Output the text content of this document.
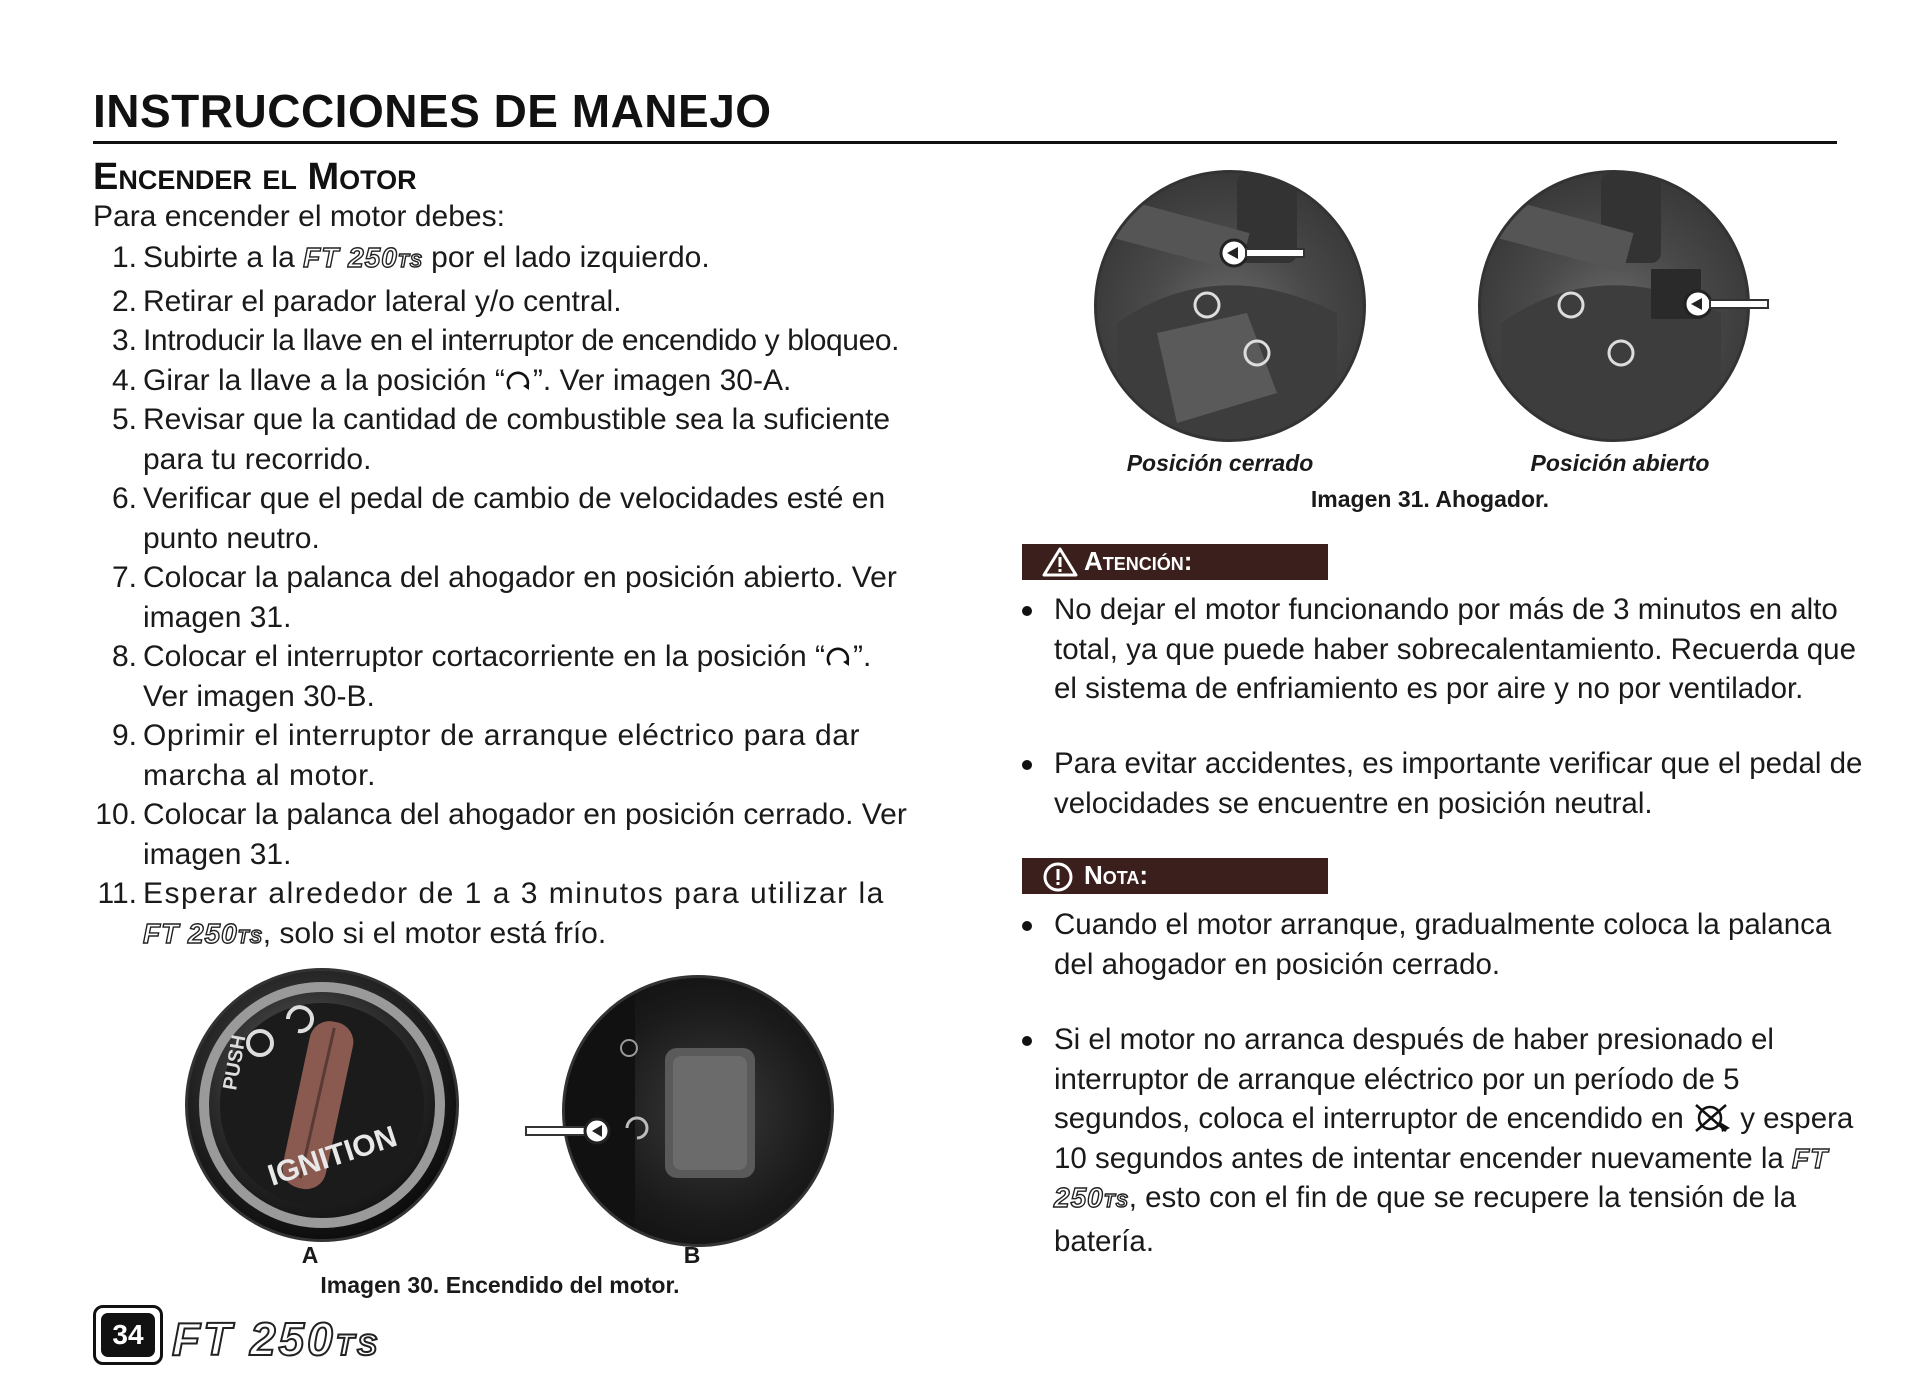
INSTRUCCIONES DE MANEJO
Encender el Motor
Para encender el motor debes:
1. Subirte a la FT 250TS por el lado izquierdo.
2. Retirar el parador lateral y/o central.
3. Introducir la llave en el interruptor de encendido y bloqueo.
4. Girar la llave a la posición “ ”. Ver imagen 30-A.
5. Revisar que la cantidad de combustible sea la suficiente para tu recorrido.
6. Verificar que el pedal de cambio de velocidades esté en punto neutro.
7. Colocar la palanca del ahogador en posición abierto. Ver imagen 31.
8. Colocar el interruptor cortacorriente en la posición “ ”. Ver imagen 30-B.
9. Oprimir el interruptor de arranque eléctrico para dar marcha al motor.
10. Colocar la palanca del ahogador en posición cerrado. Ver imagen 31.
11. Esperar alrededor de 1 a 3 minutos para utilizar la FT 250TS, solo si el motor está frío.
PUSH
IGNITION
A	B
Imagen 30. Encendido del motor.
Posición cerrado	Posición abierto
Imagen 31. Ahogador.
Atención:
No dejar el motor funcionando por más de 3 minutos en alto total, ya que puede haber sobrecalentamiento. Recuerda que el sistema de enfriamiento es por aire y no por ventilador.
Para evitar accidentes, es importante verificar que el pedal de velocidades se encuentre en posición neutral.
Nota:
Cuando el motor arranque, gradualmente coloca la palanca del ahogador en posición cerrado.
Si el motor no arranca después de haber presionado el interruptor de arranque eléctrico por un período de 5 segundos, coloca el interruptor de encendido en y espera 10 segundos antes de intentar encender nuevamente la FT 250TS, esto con el fin de que se recupere la tensión de la batería.
34 FT 250TS
